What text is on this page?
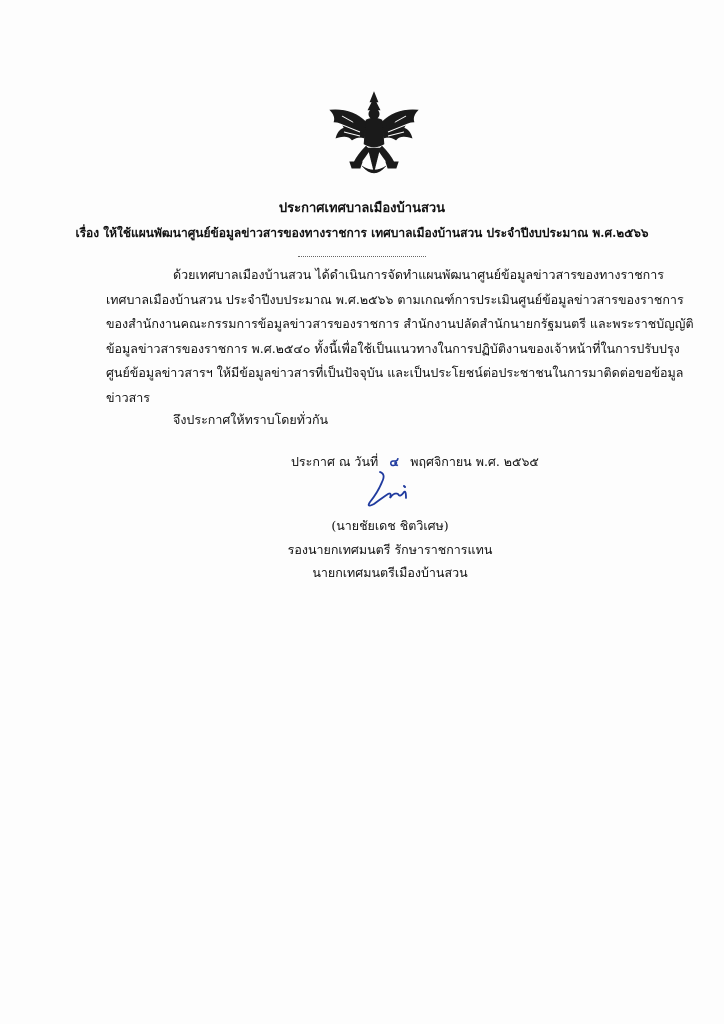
ประกาศเทศบาลเมืองบ้านสวน
เรื่อง ให้ใช้แผนพัฒนาศูนย์ข้อมูลข่าวสารของทางราชการ เทศบาลเมืองบ้านสวน ประจำปีงบประมาณ พ.ศ.๒๕๖๖
ด้วยเทศบาลเมืองบ้านสวน ได้ดำเนินการจัดทำแผนพัฒนาศูนย์ข้อมูลข่าวสารของทางราชการ
เทศบาลเมืองบ้านสวน ประจำปีงบประมาณ พ.ศ.๒๕๖๖ ตามเกณฑ์การประเมินศูนย์ข้อมูลข่าวสารของราชการ
ของสำนักงานคณะกรรมการข้อมูลข่าวสารของราชการ สำนักงานปลัดสำนักนายกรัฐมนตรี และพระราชบัญญัติ
ข้อมูลข่าวสารของราชการ พ.ศ.๒๕๔๐ ทั้งนี้เพื่อใช้เป็นแนวทางในการปฏิบัติงานของเจ้าหน้าที่ในการปรับปรุง
ศูนย์ข้อมูลข่าวสารฯ ให้มีข้อมูลข่าวสารที่เป็นปัจจุบัน และเป็นประโยชน์ต่อประชาชนในการมาติดต่อขอข้อมูล
ข่าวสาร
จึงประกาศให้ทราบโดยทั่วกัน
ประกาศ ณ วันที่ ๔ พฤศจิกายน พ.ศ. ๒๕๖๕
(นายชัยเดช ชิตวิเศษ)
รองนายกเทศมนตรี รักษาราชการแทน
นายกเทศมนตรีเมืองบ้านสวน
